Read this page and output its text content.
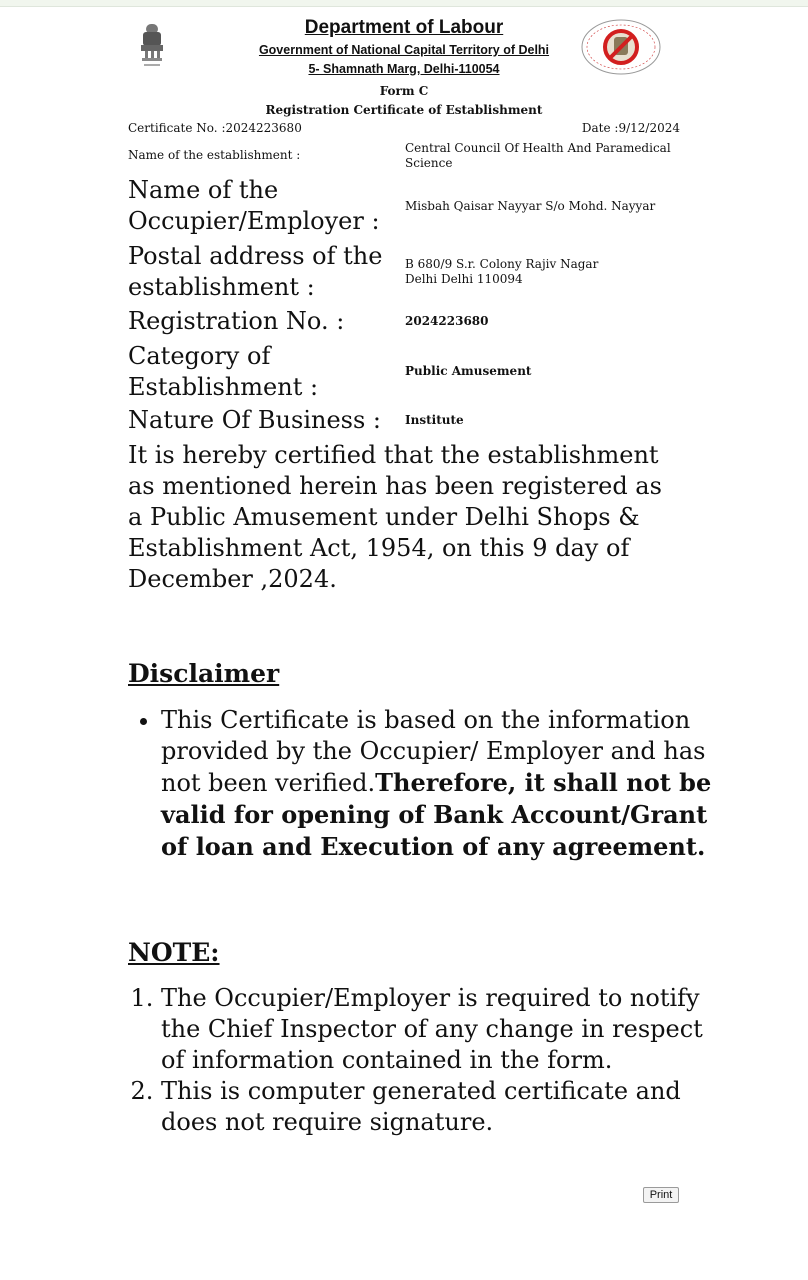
Department of Labour
Government of National Capital Territory of Delhi
5- Shamnath Marg, Delhi-110054
Form C
Registration Certificate of Establishment
Certificate No. :2024223680	Date :9/12/2024
Name of the establishment :	Central Council Of Health And Paramedical Science
Name of the Occupier/Employer :
Misbah Qaisar Nayyar S/o Mohd. Nayyar
Postal address of the establishment :
B 680/9 S.r. Colony Rajiv Nagar
Delhi Delhi 110094
Registration No. :	2024223680
Category of Establishment :
Public Amusement
Nature Of Business :	Institute
It is hereby certified that the establishment as mentioned herein has been registered as a Public Amusement under Delhi Shops & Establishment Act, 1954, on this 9 day of December ,2024.
Disclaimer
• This Certificate is based on the information provided by the Occupier/ Employer and has not been verified.Therefore, it shall not be valid for opening of Bank Account/Grant of loan and Execution of any agreement.
NOTE:
1. The Occupier/Employer is required to notify the Chief Inspector of any change in respect of information contained in the form.
2. This is computer generated certificate and does not require signature.
Print
